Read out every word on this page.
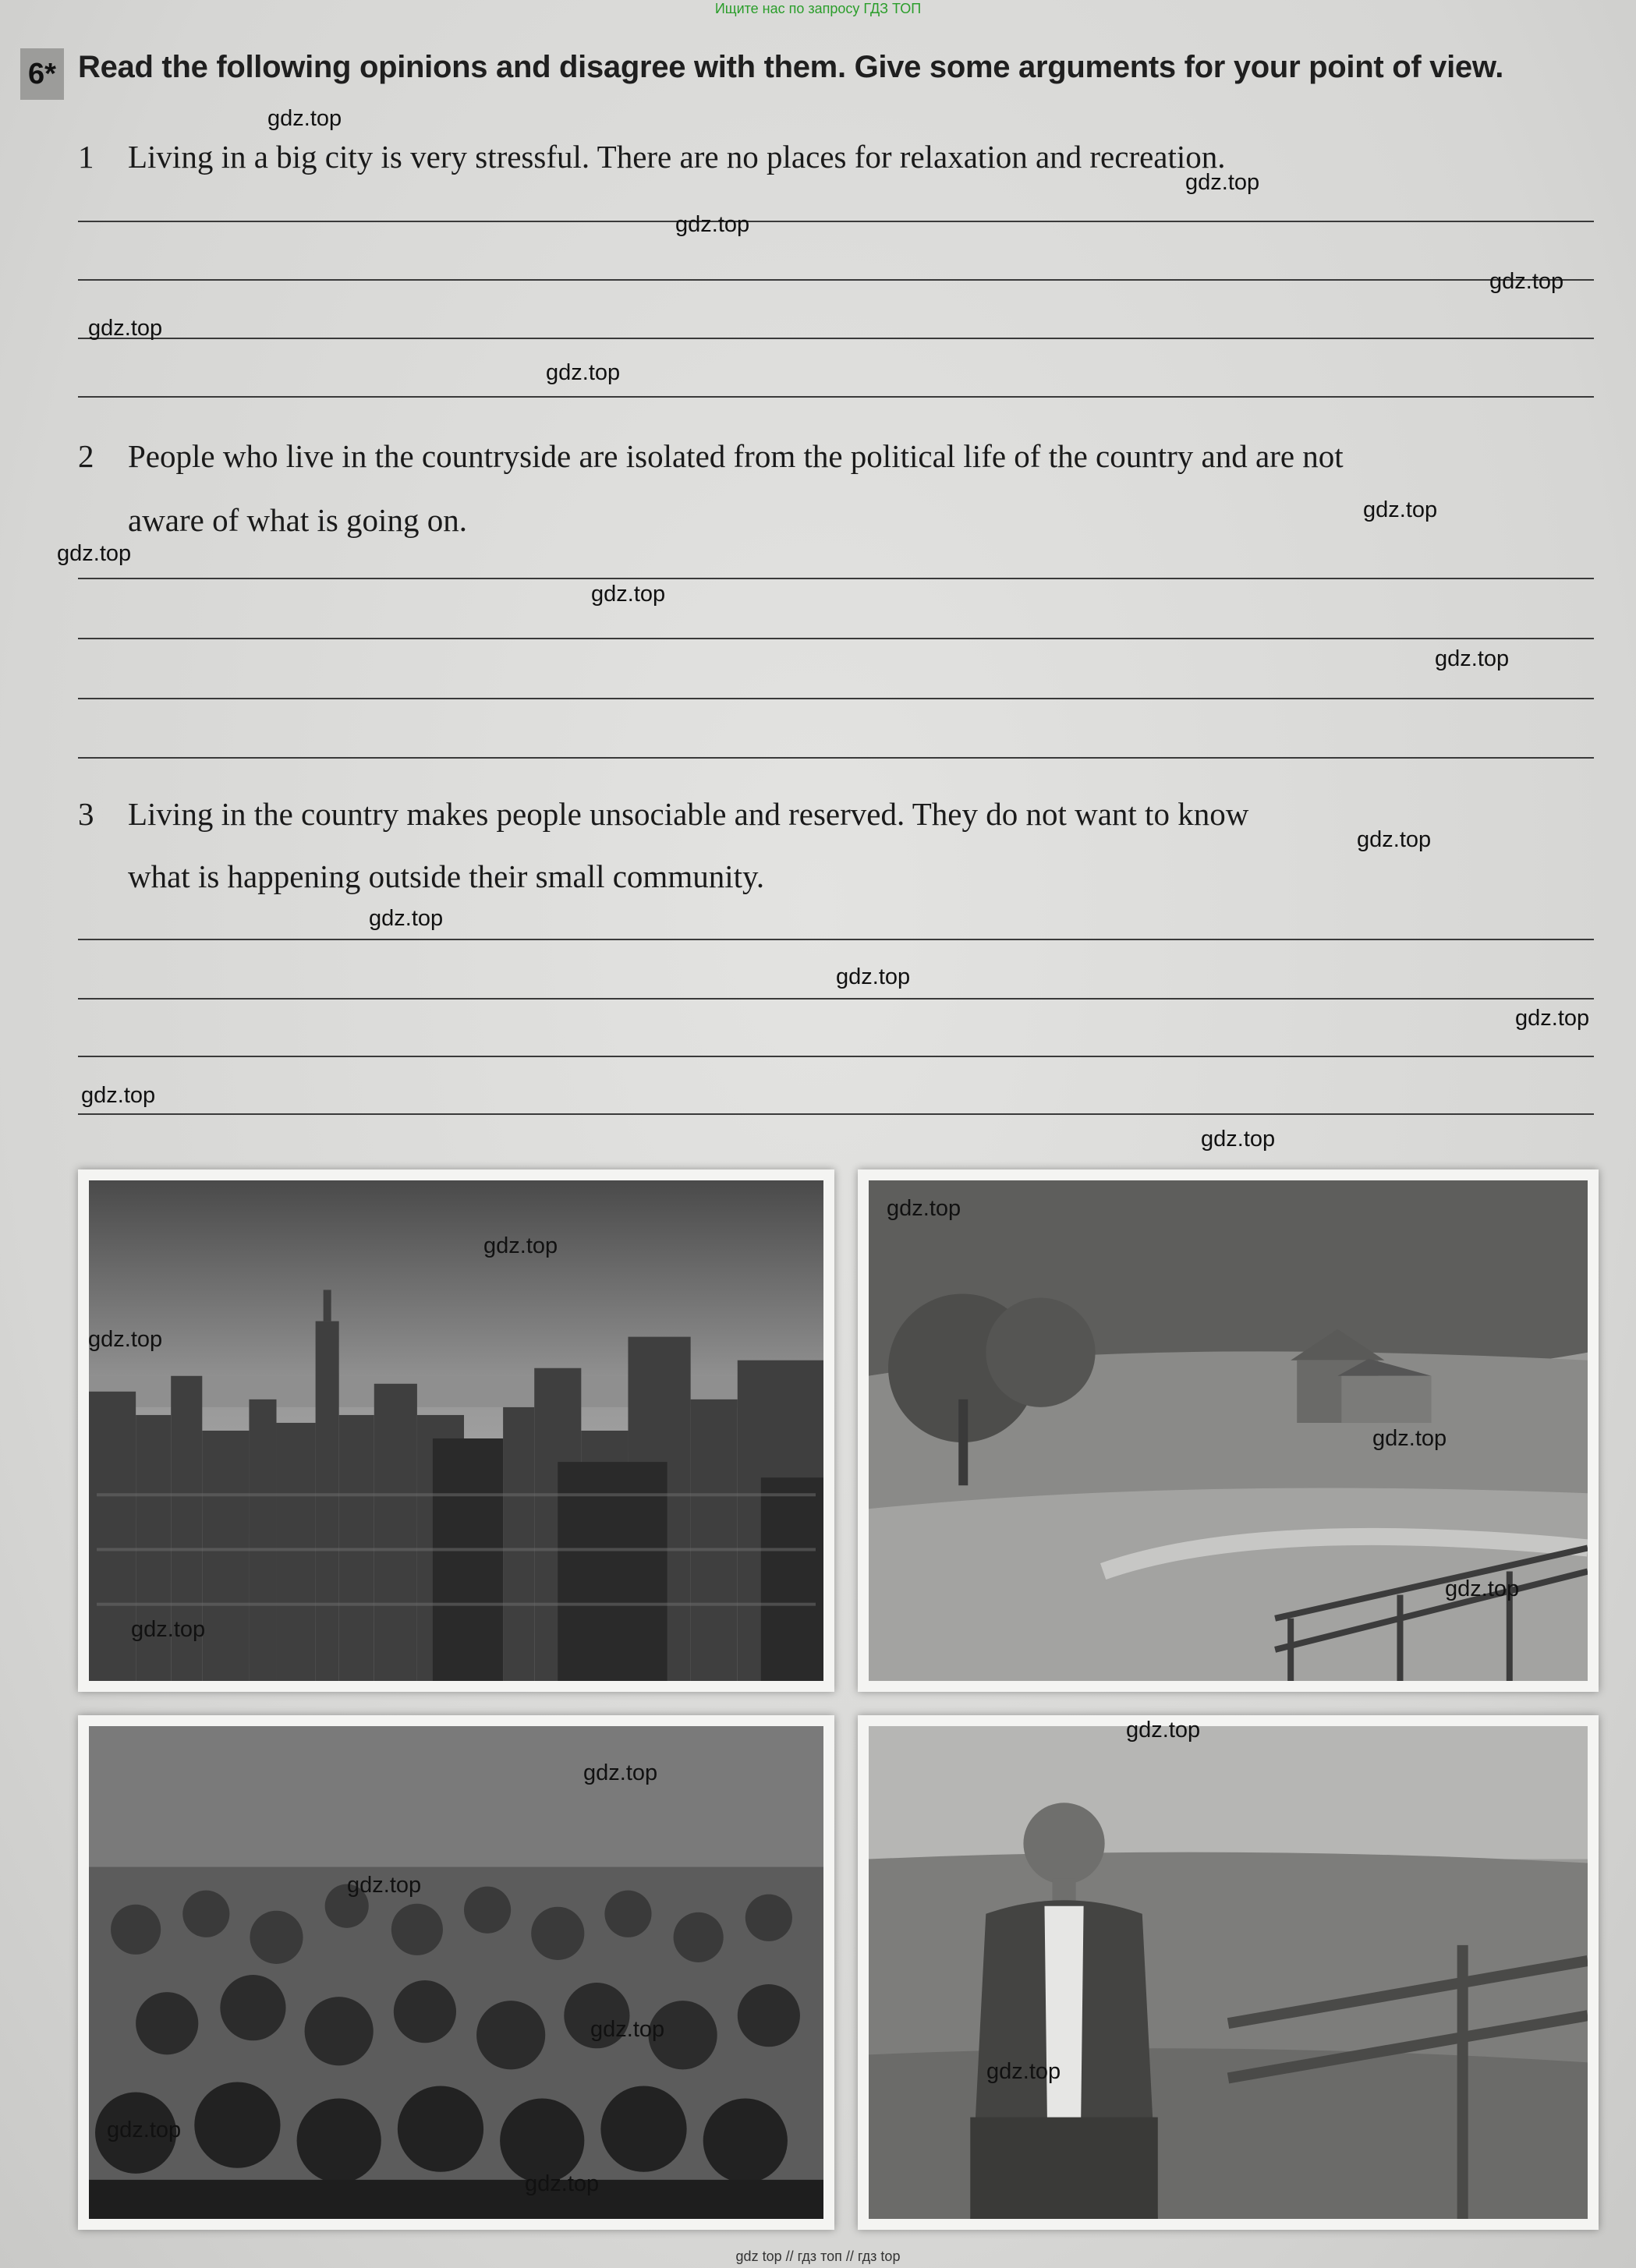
Ищите нас по запросу ГДЗ ТОП

6* Read the following opinions and disagree with them. Give some arguments for your point of view.
1 Living in a big city is very stressful. There are no places for relaxation and recreation.
2 People who live in the countryside are isolated from the political life of the country and are not
aware of what is going on.
3 Living in the country makes people unsociable and reserved. They do not want to know
what is happening outside their small community.
gdz.top
gdz.top
gdz.top
gdz.top
gdz.top
gdz.top
gdz.top
gdz.top
gdz.top
gdz.top
gdz.top
gdz.top
gdz.top
gdz.top
gdz.top
gdz.top
gdz.top
gdz.top
gdz.top
gdz.top
gdz.top
gdz.top
gdz.top
gdz.top
gdz.top
gdz.top
gdz.top
gdz.top
gdz.top
gdz top // гдз топ // гдз top
